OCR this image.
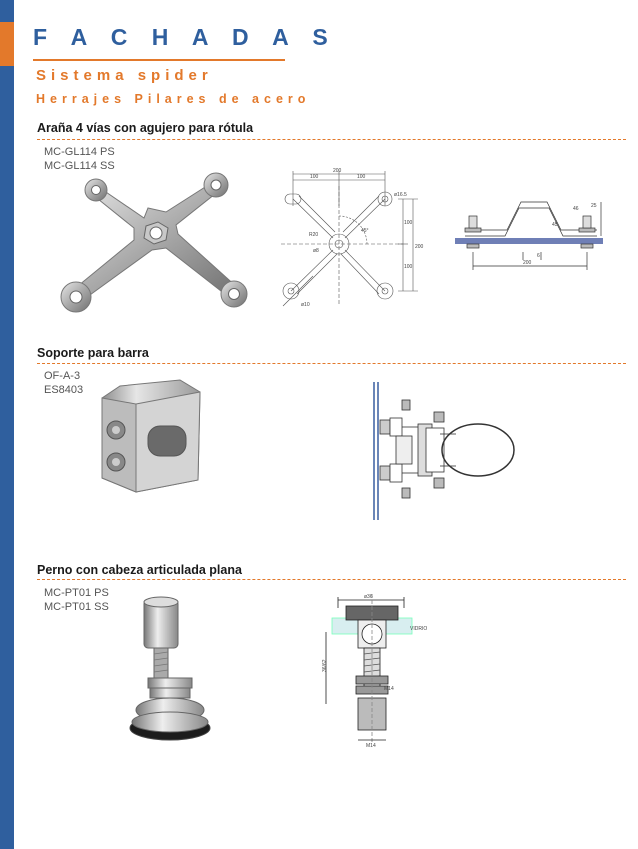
F A C H A D A S
Sistema spider
Herrajes Pilares de acero
Araña 4 vías con agujero para rótula
MC-GL114 PS
MC-GL114 SS	200
100	100
ø16.5
200
100
100
R20
ø8
45°
ø10
200
6
46 25
45
Soporte para barra
OF-A-3
ES8403
Perno con cabeza articulada plana
MC-PT01 PS
MC-PT01 SS
ø36
VIDRIO
36/62
M14
M14
